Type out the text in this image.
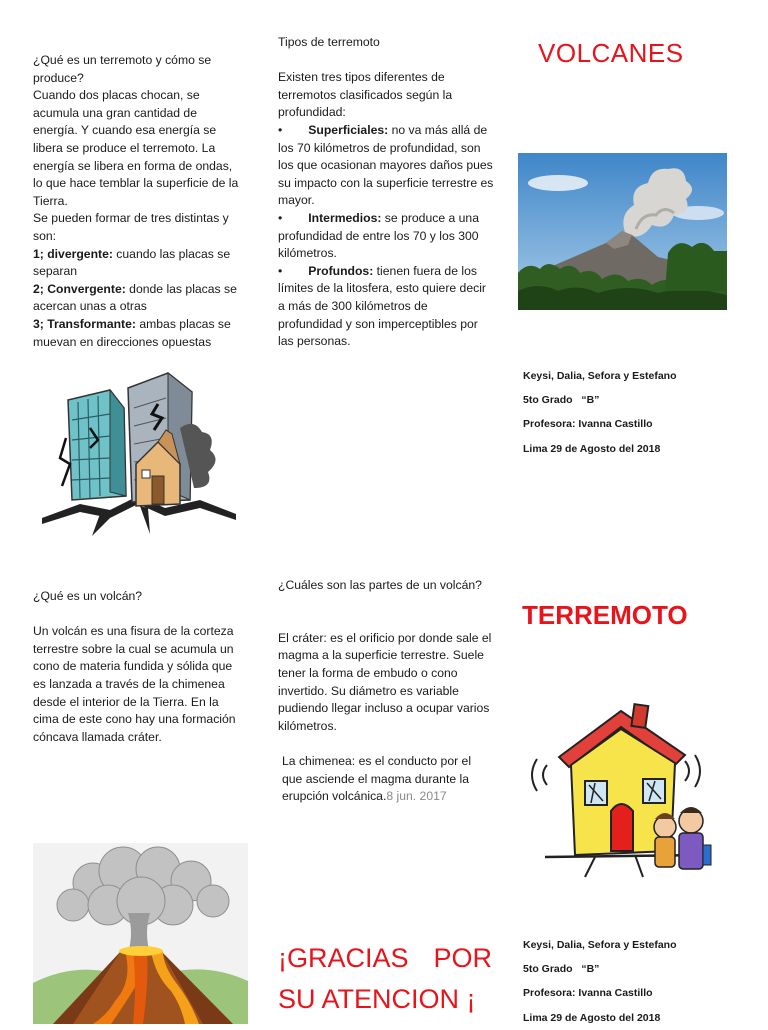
¿Qué es un terremoto y cómo se produce?

Cuando dos placas chocan, se acumula una gran cantidad de energía. Y cuando esa energía se libera se produce el terremoto. La energía se libera en forma de ondas, lo que hace temblar la superficie de la Tierra.

Se pueden formar de tres distintas y son:

1; divergente: cuando las placas se separan

2; Convergente: donde las placas se acercan unas a otras

3; Transformante: ambas placas se muevan en direcciones opuestas

Tipos de terremoto

Existen tres tipos diferentes de terremotos clasificados según la profundidad:

• Superficiales: no va más allá de los 70 kilómetros de profundidad, son los que ocasionan mayores daños pues su impacto con la superficie terrestre es mayor.

• Intermedios: se produce a una profundidad de entre los 70 y los 300 kilómetros.

• Profundos: tienen fuera de los límites de la litosfera, esto quiere decir a más de 300 kilómetros de profundidad y son imperceptibles por las personas.

VOLCANES
Keysi, Dalia, Sefora y Estefano
5to Grado   “B”
Profesora: Ivanna Castillo
Lima 29 de Agosto del 2018

¿Qué es un volcán?

Un volcán es una fisura de la corteza terrestre sobre la cual se acumula un cono de materia fundida y sólida que es lanzada a través de la chimenea desde el interior de la Tierra. En la cima de este cono hay una formación cóncava llamada cráter.

¿Cuáles son las partes de un volcán?

El cráter: es el orificio por donde sale el magma a la superficie terrestre. Suele tener la forma de embudo o cono invertido. Su diámetro es variable pudiendo llegar incluso a ocupar varios kilómetros.

La chimenea: es el conducto por el que asciende el magma durante la erupción volcánica.8 jun. 2017

¡GRACIAS   POR SU ATENCION ¡
TERREMOTO
Keysi, Dalia, Sefora y Estefano
5to Grado   “B”
Profesora: Ivanna Castillo
Lima 29 de Agosto del 2018
